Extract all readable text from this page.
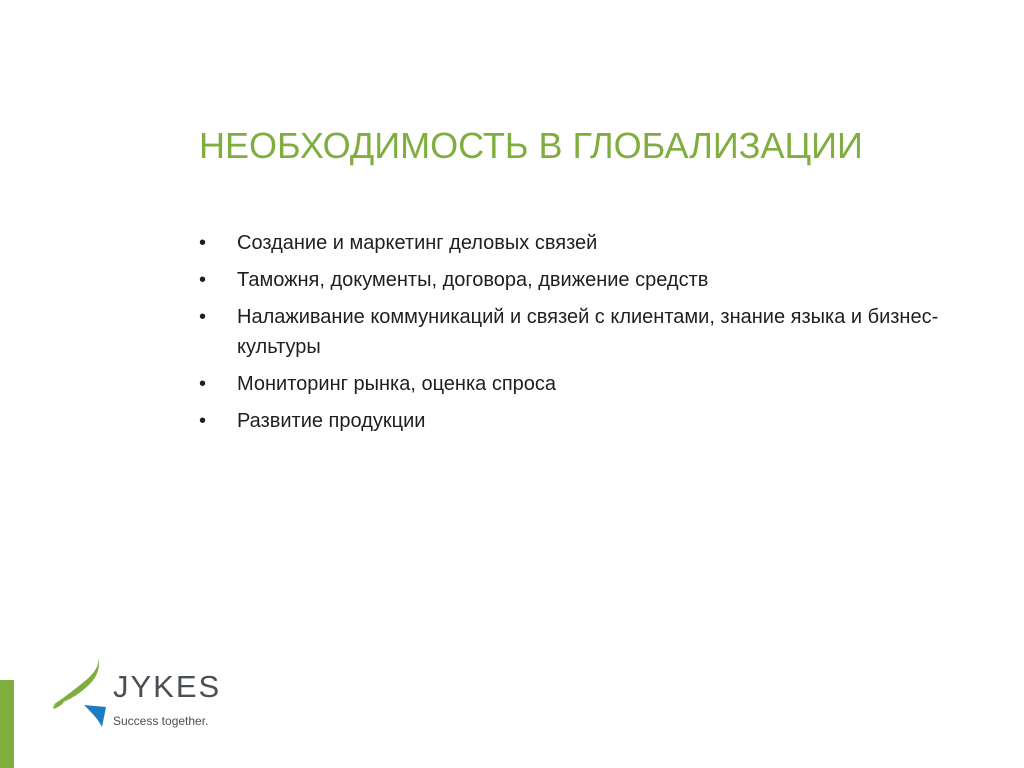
НЕОБХОДИМОСТЬ В ГЛОБАЛИЗАЦИИ
•	Создание и маркетинг деловых связей
•	Таможня, документы, договора, движение средств
•	Налаживание коммуникаций и связей с клиентами, знание языка и бизнес-культуры
•	Мониторинг рынка, оценка спроса
•	Развитие продукции
JYKES
Success together.
